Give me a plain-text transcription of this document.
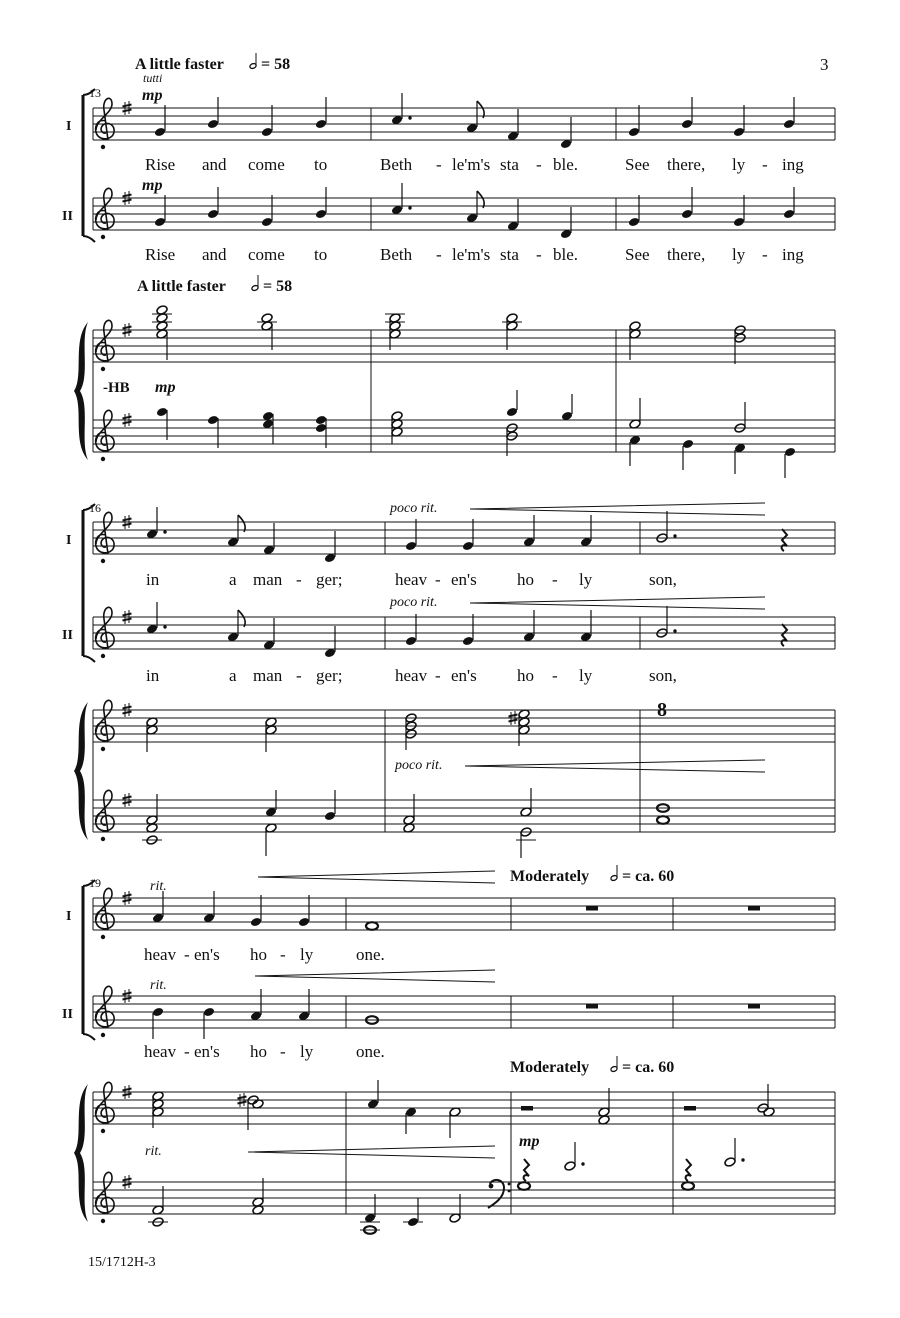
3
A little faster = 58
tutti
13	mp
I
Rise and come to	Beth - le'm's sta - ble.	See there, ly - ing
mp
II
Rise and come to	Beth - le'm's sta - ble.	See there, ly - ing
A little faster = 58
-HB mp
16	poco rit.
I
in	a man - ger;	heav - en's ho - ly	son,
poco rit.
II
in	a man - ger;	heav - en's ho - ly	son,
8
poco rit.
19	rit.
Moderately = ca. 60
I
heav - en's ho - ly	one.
rit.
II
heav - en's ho - ly	one.
Moderately = ca. 60
rit.
mp
15/1712H-3
